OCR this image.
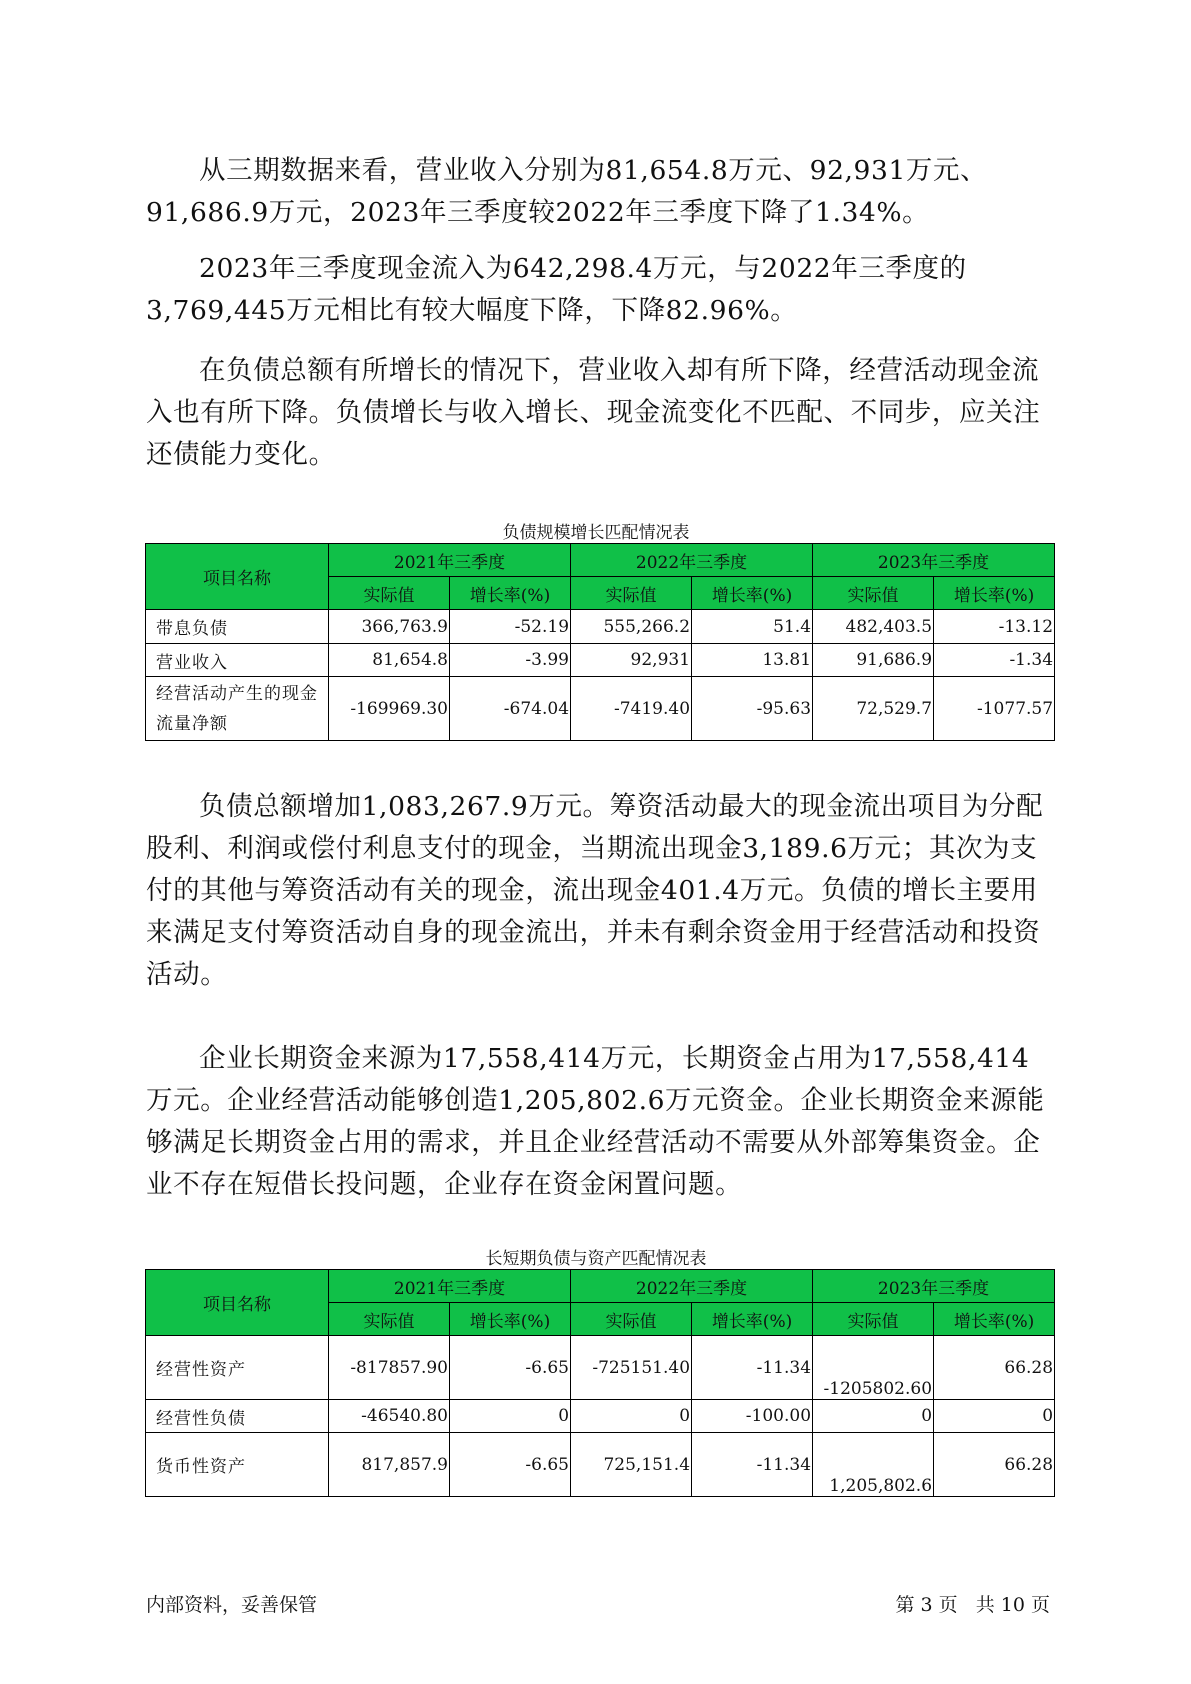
从三期数据来看，营业收入分别为81,654.8万元、92,931万元、91,686.9万元，2023年三季度较2022年三季度下降了1.34%。

2023年三季度现金流入为642,298.4万元，与2022年三季度的3,769,445万元相比有较大幅度下降，下降82.96%。

在负债总额有所增长的情况下，营业收入却有所下降，经营活动现金流入也有所下降。负债增长与收入增长、现金流变化不匹配、不同步，应关注还债能力变化。

负债规模增长匹配情况表
项目名称	2021年三季度		2022年三季度		2023年三季度	
	实际值	增长率(%)	实际值	增长率(%)	实际值	增长率(%)
带息负债	366,763.9	-52.19	555,266.2	51.4	482,403.5	-13.12
营业收入	81,654.8	-3.99	92,931	13.81	91,686.9	-1.34
经营活动产生的现金流量净额	-169969.30	-674.04	-7419.40	-95.63	72,529.7	-1077.57

负债总额增加1,083,267.9万元。筹资活动最大的现金流出项目为分配股利、利润或偿付利息支付的现金，当期流出现金3,189.6万元；其次为支付的其他与筹资活动有关的现金，流出现金401.4万元。负债的增长主要用来满足支付筹资活动自身的现金流出，并未有剩余资金用于经营活动和投资活动。

企业长期资金来源为17,558,414万元，长期资金占用为17,558,414万元。企业经营活动能够创造1,205,802.6万元资金。企业长期资金来源能够满足长期资金占用的需求，并且企业经营活动不需要从外部筹集资金。企业不存在短借长投问题，企业存在资金闲置问题。

长短期负债与资产匹配情况表
项目名称	2021年三季度		2022年三季度		2023年三季度	
	实际值	增长率(%)	实际值	增长率(%)	实际值	增长率(%)
经营性资产	-817857.90	-6.65	-725151.40	-11.34	-1205802.60	66.28
经营性负债	-46540.80	0	0	-100.00	0	0
货币性资产	817,857.9	-6.65	725,151.4	-11.34	1,205,802.6	66.28
内部资料，妥善保管	第 3 页   共 10 页
